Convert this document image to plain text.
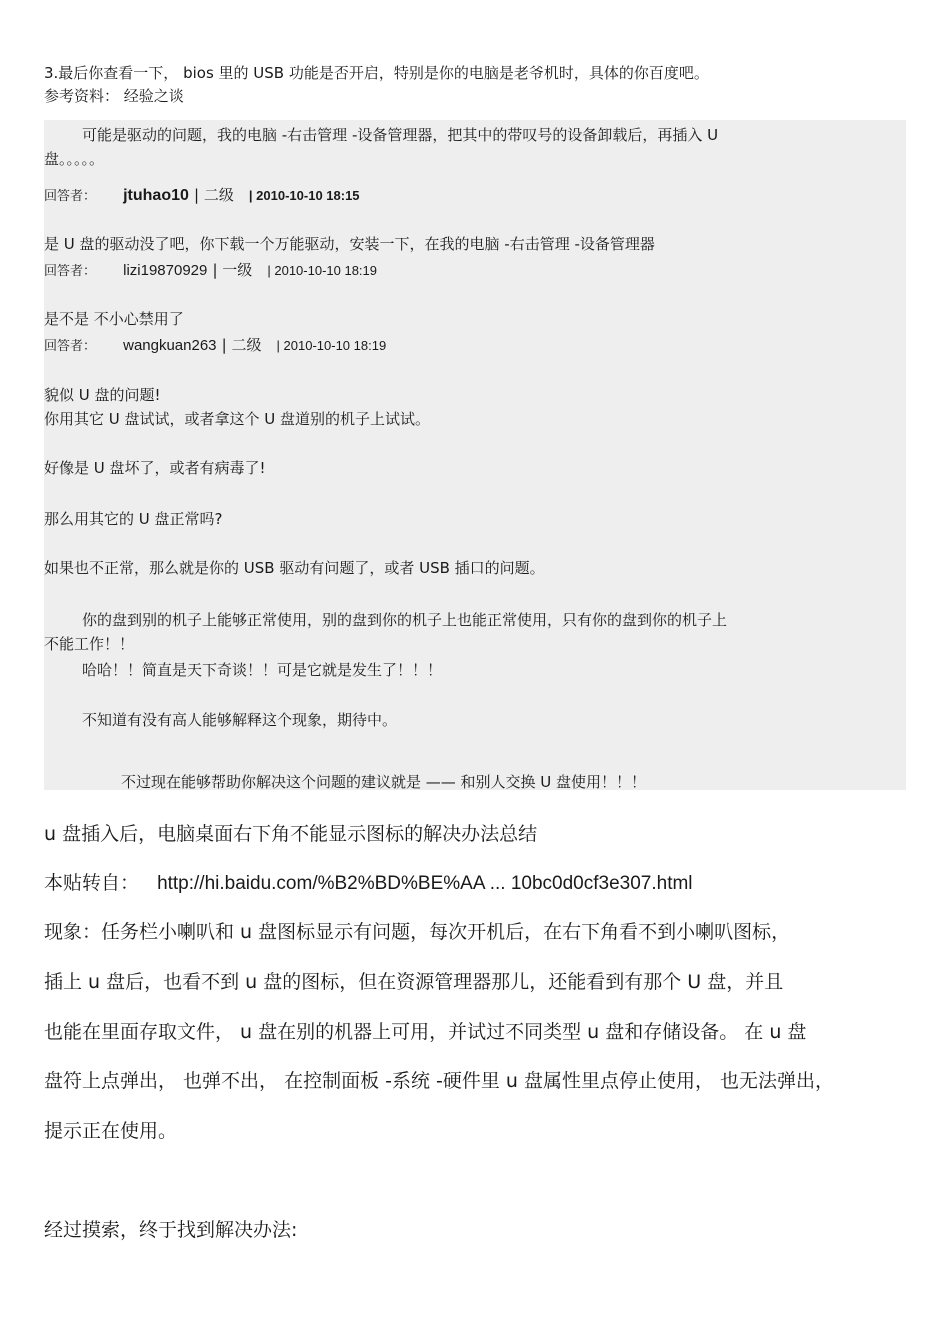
3.最后你查看一下， bios 里的 USB 功能是否开启，特别是你的电脑是老爷机时，具体的你百度吧。
参考资料： 经验之谈
可能是驱动的问题，我的电脑 -右击管理 -设备管理器，把其中的带叹号的设备卸载后，再插入 U
盘。。。。。
回答者： jtuhao10 | 二级 | 2010-10-10 18:15
是 U 盘的驱动没了吧，你下载一个万能驱动，安装一下，在我的电脑 -右击管理 -设备管理器
回答者： lizi19870929 | 一级 | 2010-10-10 18:19
是不是 不小心禁用了
回答者： wangkuan263 | 二级 | 2010-10-10 18:19
貌似 U 盘的问题!
你用其它 U 盘试试，或者拿这个 U 盘道别的机子上试试。
好像是 U 盘坏了，或者有病毒了!
那么用其它的 U 盘正常吗?
如果也不正常，那么就是你的 USB 驱动有问题了，或者 USB 插口的问题。
你的盘到别的机子上能够正常使用，别的盘到你的机子上也能正常使用，只有你的盘到你的机子上
不能工作！！
哈哈！！简直是天下奇谈！！可是它就是发生了！！！
不知道有没有高人能够解释这个现象，期待中。
不过现在能够帮助你解决这个问题的建议就是 —— 和别人交换 U 盘使用！！！
u 盘插入后，电脑桌面右下角不能显示图标的解决办法总结
本贴转自： http://hi.baidu.com/%B2%BD%BE%AA ... 10bc0d0cf3e307.html
现象：任务栏小喇叭和 u 盘图标显示有问题，每次开机后，在右下角看不到小喇叭图标，
插上 u 盘后，也看不到 u 盘的图标，但在资源管理器那儿，还能看到有那个 U 盘，并且
也能在里面存取文件， u 盘在别的机器上可用，并试过不同类型 u 盘和存储设备。 在 u 盘
盘符上点弹出， 也弹不出， 在控制面板 -系统 -硬件里 u 盘属性里点停止使用， 也无法弹出，
提示正在使用。
经过摸索，终于找到解决办法:
